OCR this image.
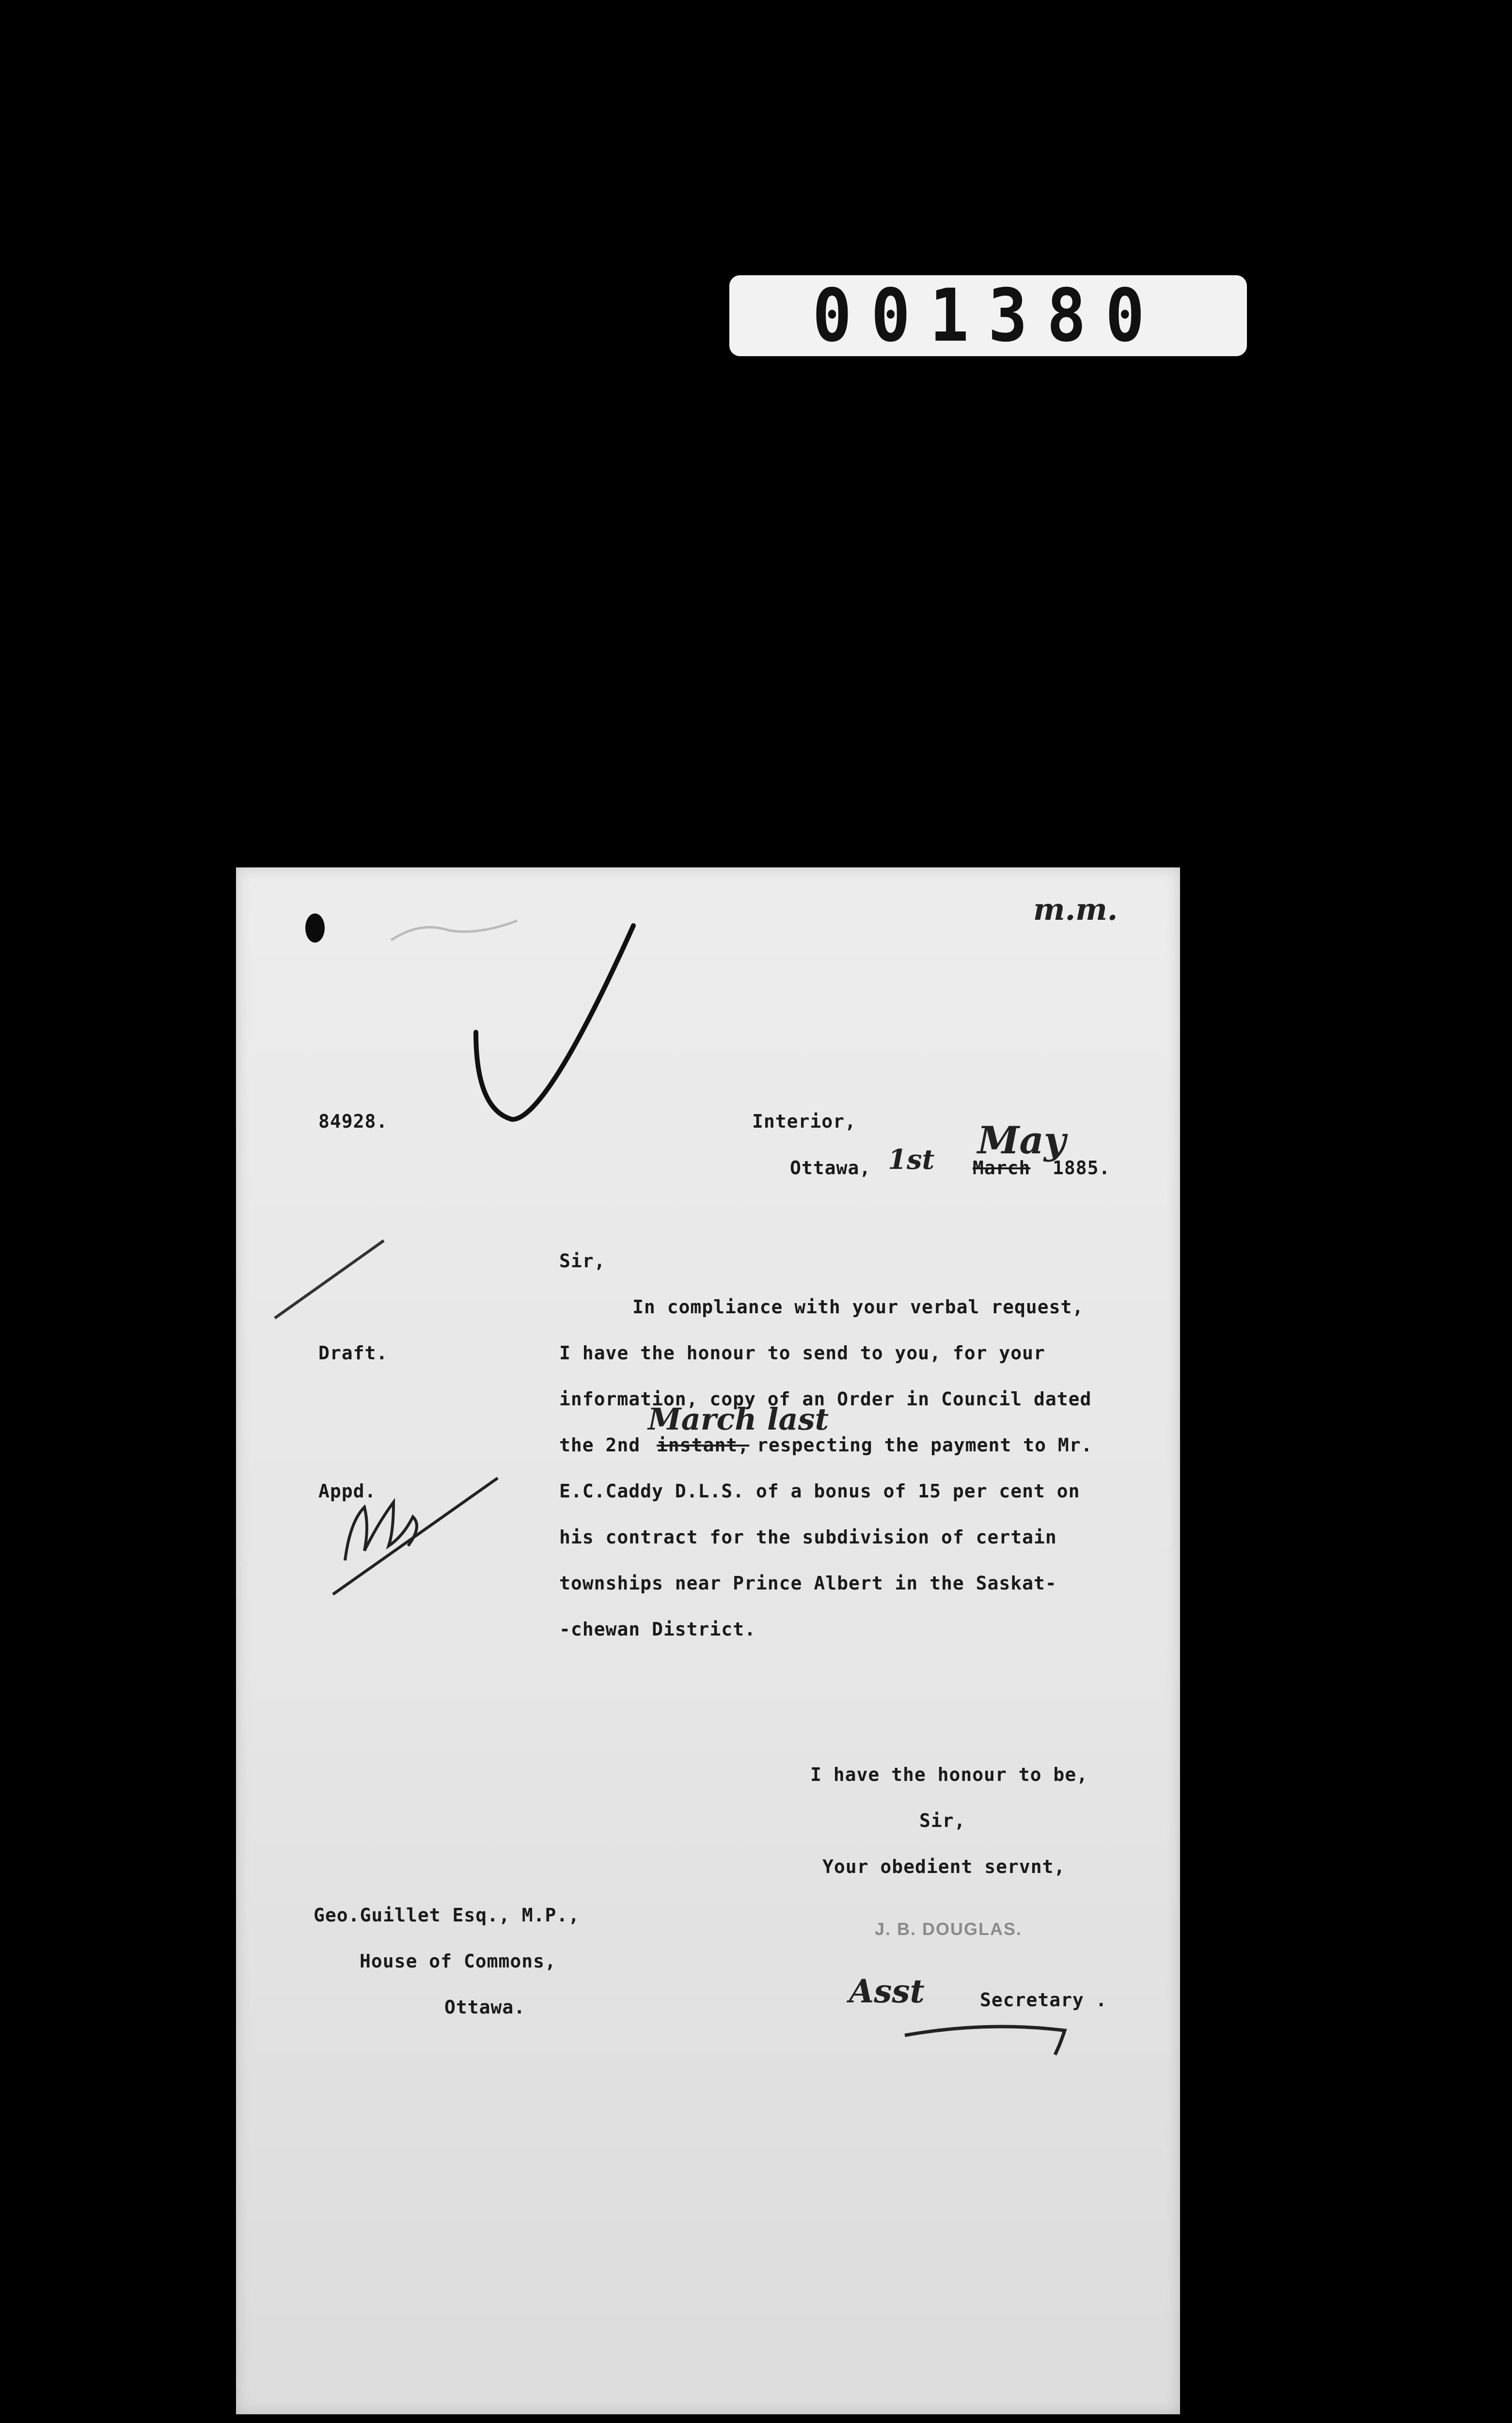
001380
m.m.
84928.	Interior,
Ottawa, 1st March
May
1885.
Sir,
In compliance with your verbal request,
I have the honour to send to you, for your
Draft.
information, copy of an Order in Council dated
the 2nd instant,
March last
respecting the payment to Mr.
Appd.	E.C.Caddy D.L.S. of a bonus of 15 per cent on
his contract for the subdivision of certain
townships near Prince Albert in the Saskat-
-chewan District.
I have the honour to be,
Sir,
Your obedient servnt,
Geo.Guillet Esq., M.P.,
House of Commons,
Ottawa.
J. B. DOUGLAS.
Asst	Secretary .
